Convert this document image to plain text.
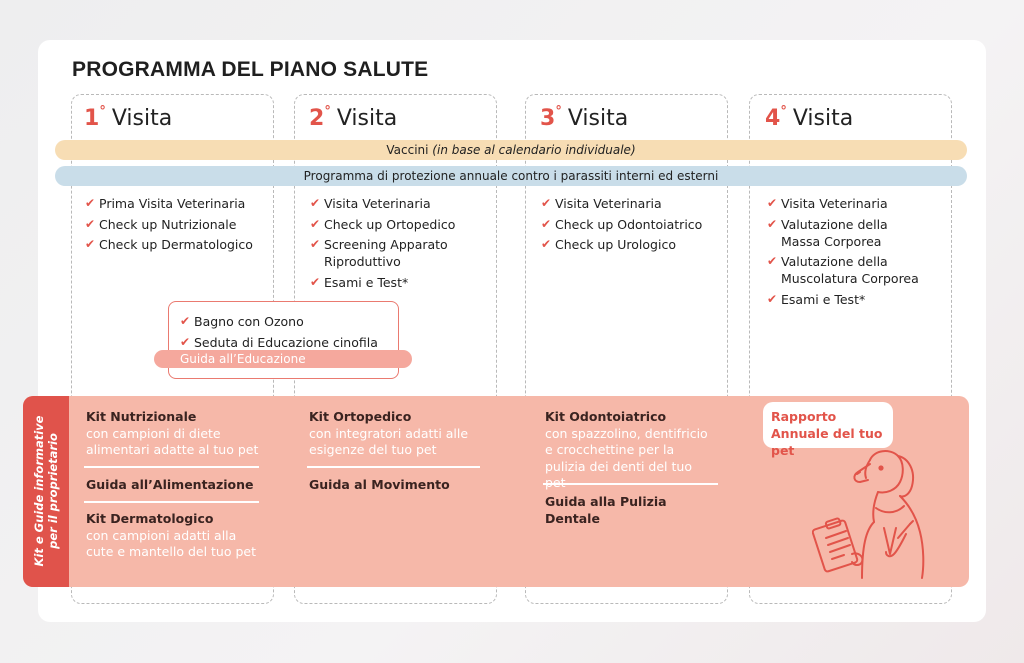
PROGRAMMA DEL PIANO SALUTE
1° Visita	2° Visita	3° Visita	4° Visita
Vaccini (in base al calendario individuale)
Programma di protezione annuale contro i parassiti interni ed esterni
✔ Prima Visita Veterinaria
✔ Check up Nutrizionale
✔ Check up Dermatologico
✔ Visita Veterinaria
✔ Check up Ortopedico
✔ Screening Apparato Riproduttivo
✔ Esami e Test*
✔ Visita Veterinaria
✔ Check up Odontoiatrico
✔ Check up Urologico
✔ Visita Veterinaria
✔ Valutazione della Massa Corporea
✔ Valutazione della Muscolatura Corporea
✔ Esami e Test*
✔ Bagno con Ozono
✔ Seduta di Educazione cinofila
Guida all’Educazione
Kit e Guide informative per il proprietario
Kit Nutrizionale
con campioni di diete alimentari adatte al tuo pet
Guida all’Alimentazione
Kit Dermatologico
con campioni adatti alla cute e mantello del tuo pet
Kit Ortopedico
con integratori adatti alle esigenze del tuo pet
Guida al Movimento
Kit Odontoiatrico
con spazzolino, dentifricio e crocchettine per la pulizia dei denti del tuo
Guida alla Pulizia Dentale
Rapporto Annuale del tuo pet
